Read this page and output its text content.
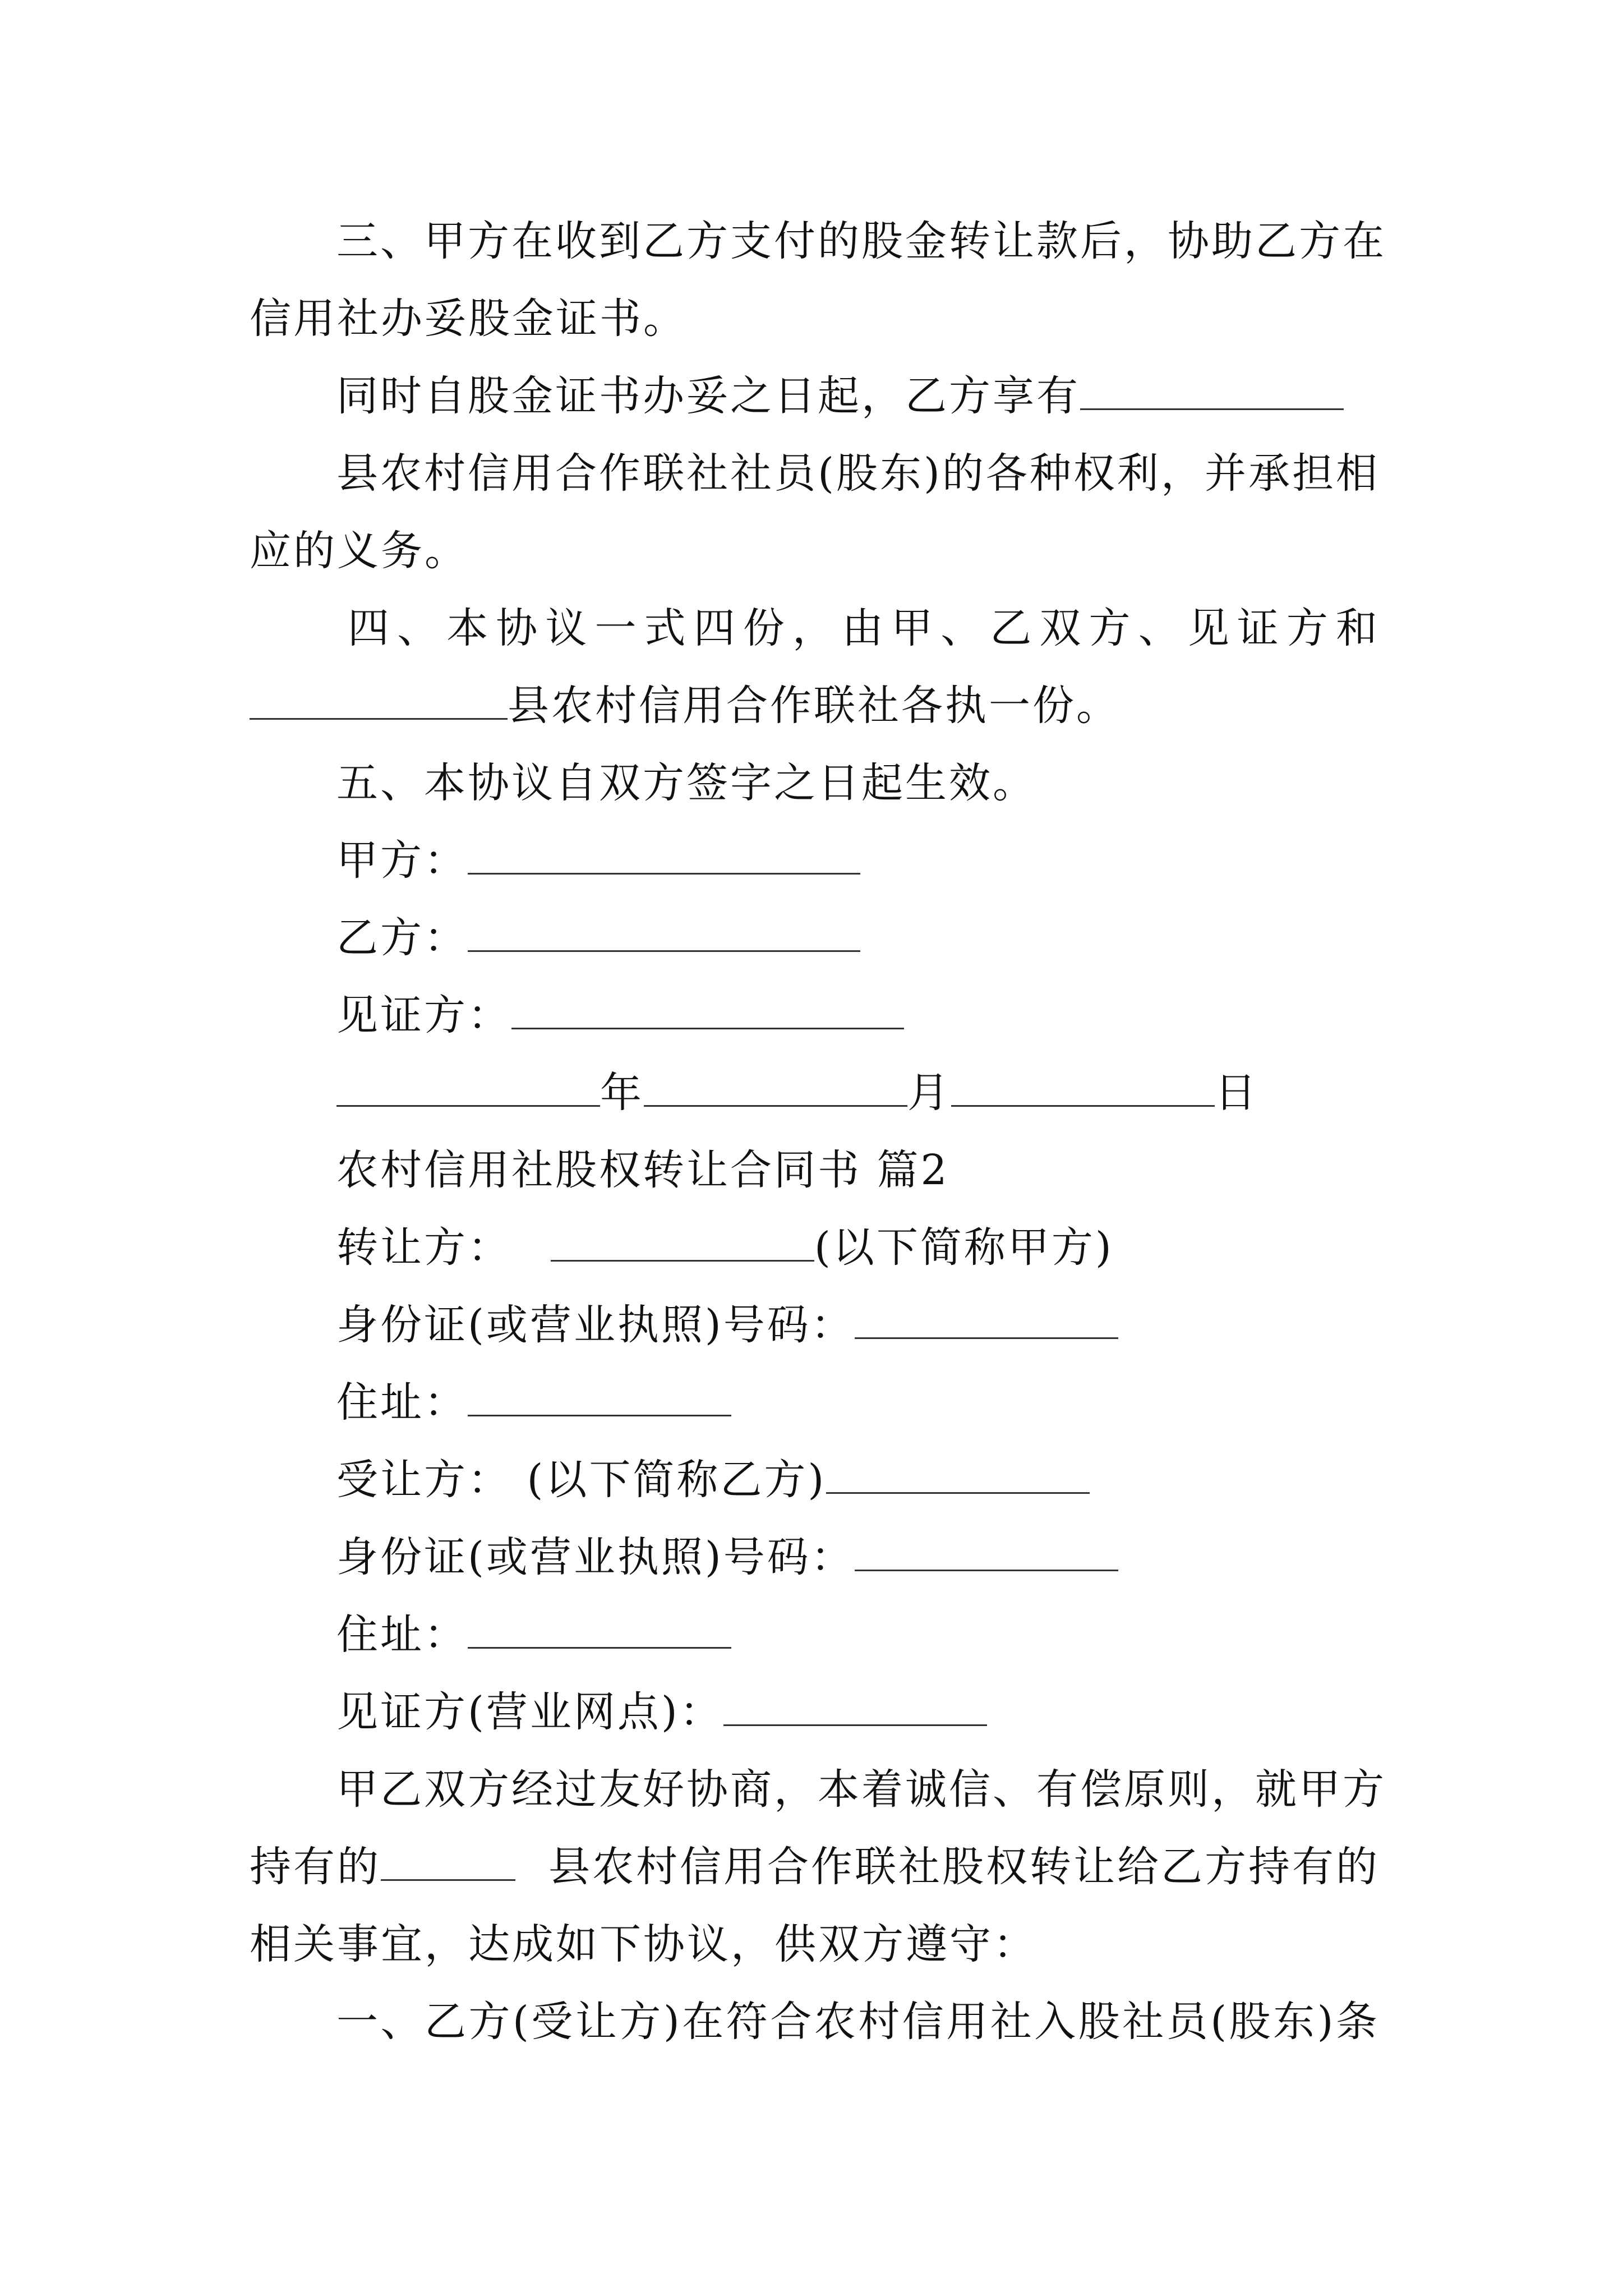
三、甲方在收到乙方支付的股金转让款后，协助乙方在
信用社办妥股金证书。
同时自股金证书办妥之日起，乙方享有
县农村信用合作联社社员(股东)的各种权利，并承担相
应的义务。
四、本协议一式四份，由甲、乙双方、见证方和
县农村信用合作联社各执一份。
五、本协议自双方签字之日起生效。
甲方：
乙方：
见证方：
年	月	日
农村信用社股权转让合同书 篇2
转让方：	(以下简称甲方)
身份证(或营业执照)号码：
住址：
受让方： (以下简称乙方)
身份证(或营业执照)号码：
住址：
见证方(营业网点)：
甲乙双方经过友好协商，本着诚信、有偿原则，就甲方
持有的	县农村信用合作联社股权转让给乙方持有的
相关事宜，达成如下协议，供双方遵守：
一、乙方(受让方)在符合农村信用社入股社员(股东)条
